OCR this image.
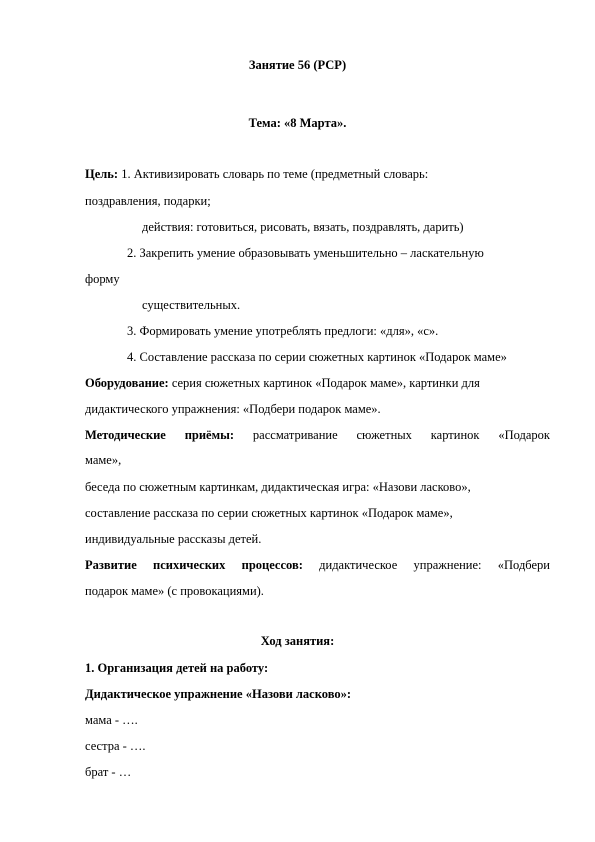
Занятие 56 (РСР)
Тема: «8 Марта».
Цель: 1. Активизировать словарь по теме (предметный словарь:
поздравления, подарки;
действия: готовиться, рисовать, вязать, поздравлять, дарить)
2. Закрепить умение образовывать уменьшительно – ласкательную
форму
существительных.
3. Формировать умение употреблять предлоги: «для», «с».
4. Составление рассказа по серии сюжетных картинок «Подарок маме»
Оборудование: серия сюжетных картинок «Подарок маме», картинки для
дидактического упражнения: «Подбери подарок маме».
Методические приёмы: рассматривание сюжетных картинок «Подарок
маме»,
беседа по сюжетным картинкам, дидактическая игра: «Назови ласково»,
составление рассказа по серии сюжетных картинок «Подарок маме»,
индивидуальные рассказы детей.
Развитие психических процессов: дидактическое упражнение: «Подбери
подарок маме» (с провокациями).
Ход занятия:
1. Организация детей на работу:
Дидактическое упражнение «Назови ласково»:
мама - ….
сестра - ….
брат - …
